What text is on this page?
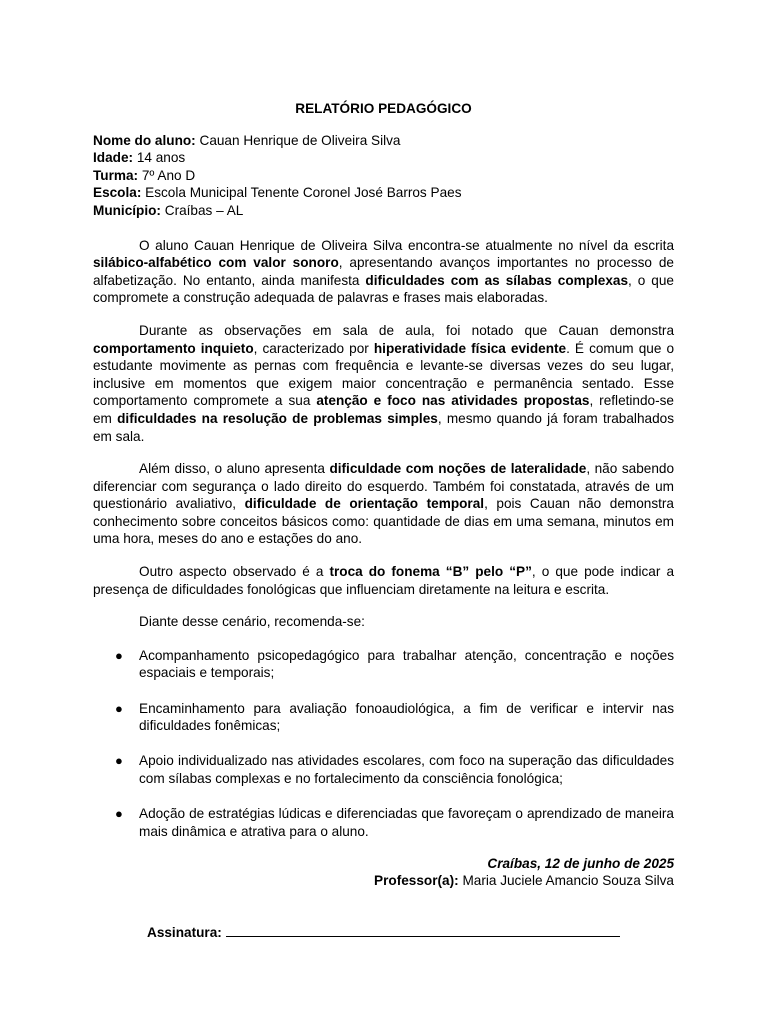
RELATÓRIO PEDAGÓGICO
Nome do aluno: Cauan Henrique de Oliveira Silva
Idade: 14 anos
Turma: 7º Ano D
Escola: Escola Municipal Tenente Coronel José Barros Paes
Município: Craíbas – AL

O aluno Cauan Henrique de Oliveira Silva encontra-se atualmente no nível da escrita silábico-alfabético com valor sonoro, apresentando avanços importantes no processo de alfabetização. No entanto, ainda manifesta dificuldades com as sílabas complexas, o que compromete a construção adequada de palavras e frases mais elaboradas.

Durante as observações em sala de aula, foi notado que Cauan demonstra comportamento inquieto, caracterizado por hiperatividade física evidente. É comum que o estudante movimente as pernas com frequência e levante-se diversas vezes do seu lugar, inclusive em momentos que exigem maior concentração e permanência sentado. Esse comportamento compromete a sua atenção e foco nas atividades propostas, refletindo-se em dificuldades na resolução de problemas simples, mesmo quando já foram trabalhados em sala.

Além disso, o aluno apresenta dificuldade com noções de lateralidade, não sabendo diferenciar com segurança o lado direito do esquerdo. Também foi constatada, através de um questionário avaliativo, dificuldade de orientação temporal, pois Cauan não demonstra conhecimento sobre conceitos básicos como: quantidade de dias em uma semana, minutos em uma hora, meses do ano e estações do ano.

Outro aspecto observado é a troca do fonema “B” pelo “P”, o que pode indicar a presença de dificuldades fonológicas que influenciam diretamente na leitura e escrita.

Diante desse cenário, recomenda-se:

● Acompanhamento psicopedagógico para trabalhar atenção, concentração e noções espaciais e temporais;
● Encaminhamento para avaliação fonoaudiológica, a fim de verificar e intervir nas dificuldades fonêmicas;
● Apoio individualizado nas atividades escolares, com foco na superação das dificuldades com sílabas complexas e no fortalecimento da consciência fonológica;
● Adoção de estratégias lúdicas e diferenciadas que favoreçam o aprendizado de maneira mais dinâmica e atrativa para o aluno.
Craíbas, 12 de junho de 2025
Professor(a): Maria Juciele Amancio Souza Silva
Assinatura:
